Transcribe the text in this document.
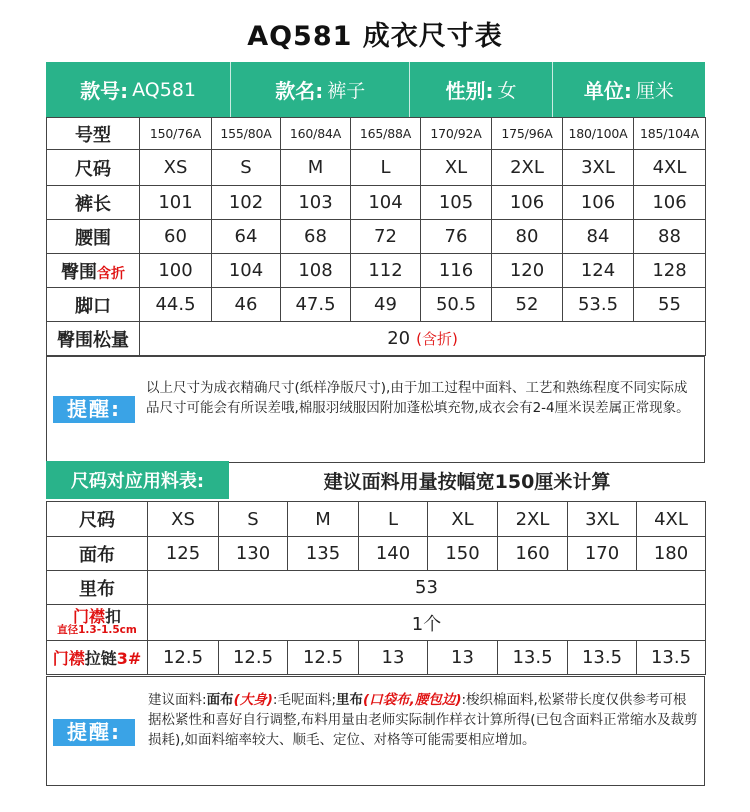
AQ581 成衣尺寸表
款号: AQ581	款名: 裤子	性别: 女	单位: 厘米
号型	150/76A	155/80A	160/84A	165/88A	170/92A	175/96A	180/100A	185/104A
尺码	XS	S	M	L	XL	2XL	3XL	4XL
裤长	101	102	103	104	105	106	106	106
腰围	60	64	68	72	76	80	84	88
臀围含折	100	104	108	112	116	120	124	128
脚口	44.5	46	47.5	49	50.5	52	53.5	55
臀围松量	20 (含折)							
提醒:
以上尺寸为成衣精确尺寸(纸样净版尺寸),由于加工过程中面料、工艺和熟练程度不同实际成品尺寸可能会有所误差哦,棉服羽绒服因附加蓬松填充物,成衣会有2-4厘米误差属正常现象。
尺码对应用料表:	建议面料用量按幅宽150厘米计算
尺码	XS	S	M	L	XL	2XL	3XL	4XL
面布	125	130	135	140	150	160	170	180
里布	53							

门襟扣
直径1.3-1.5cm	1个							
门襟拉链3#	12.5	12.5	12.5	13	13	13.5	13.5	13.5
提醒:
建议面料:面布(大身):毛呢面料;里布(口袋布,腰包边):梭织棉面料,松紧带长度仅供参考可根据松紧性和喜好自行调整,布料用量由老师实际制作样衣计算所得(已包含面料正常缩水及裁剪损耗),如面料缩率较大、顺毛、定位、对格等可能需要相应增加。
